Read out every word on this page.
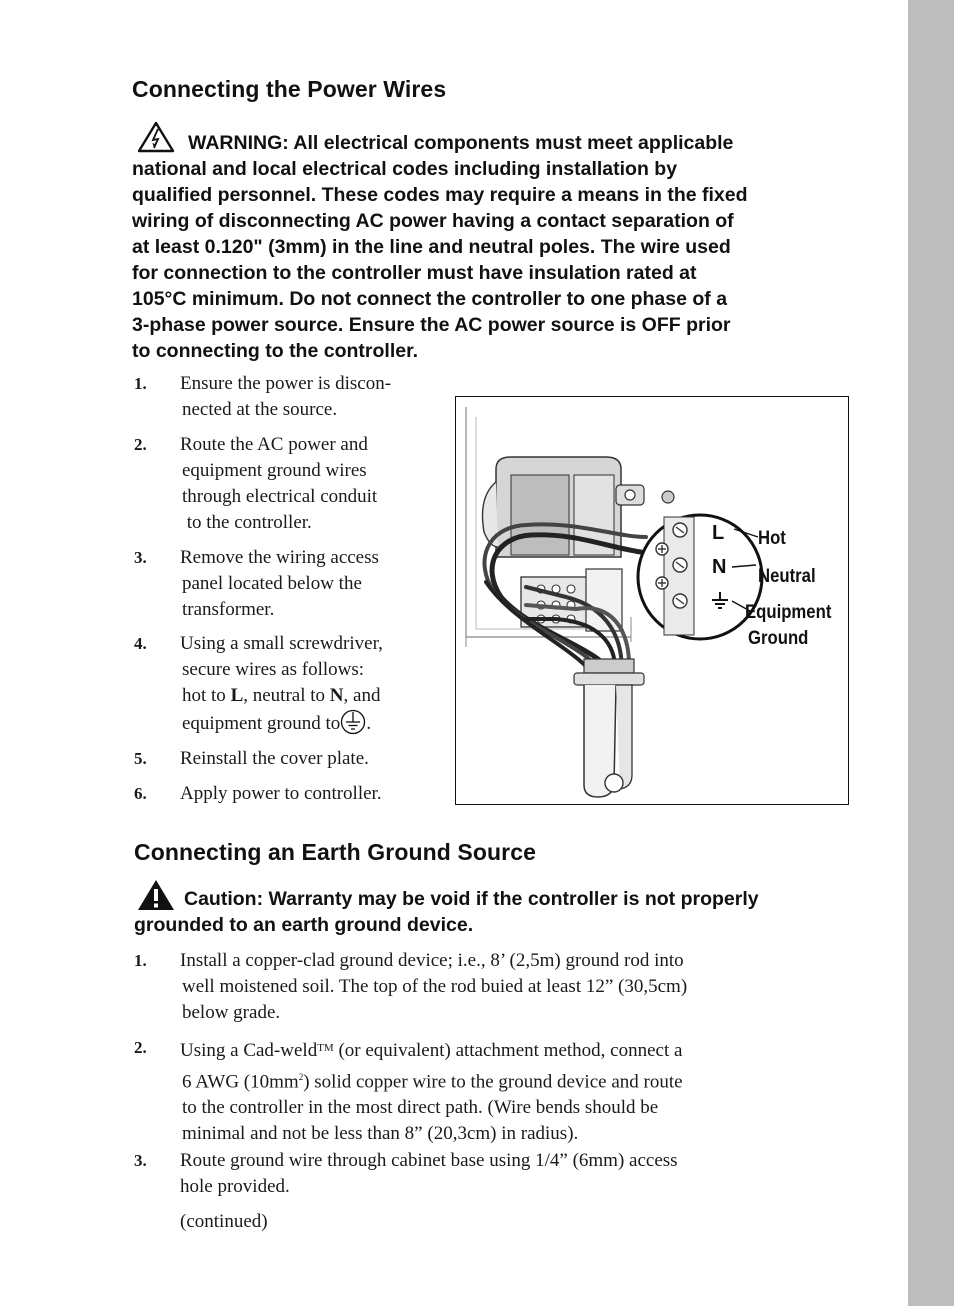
Connecting the Power Wires
WARNING: All electrical components must meet applicable
national and local electrical codes including installation by
qualified personnel. These codes may require a means in the fixed
wiring of disconnecting AC power having a contact separation of
at least 0.120" (3mm) in the line and neutral poles. The wire used
for connection to the controller must have insulation rated at
105°C minimum. Do not connect the controller to one phase of a
3-phase power source. Ensure the AC power source is OFF prior
to connecting to the controller.
1. Ensure the power is discon-
nected at the source.
2. Route the AC power and
equipment ground wires
through electrical conduit
to the controller.
3. Remove the wiring access
panel located below the
transformer.
4. Using a small screwdriver,
secure wires as follows:
hot to L, neutral to N, and
equipment ground to .
5. Reinstall the cover plate.
6. Apply power to controller.
L
N
Hot
Neutral
Equipment
Ground
Connecting an Earth Ground Source
Caution: Warranty may be void if the controller is not properly
grounded to an earth ground device.
1. Install a copper-clad ground device; i.e., 8’ (2,5m) ground rod into
well moistened soil. The top of the rod buied at least 12” (30,5cm)
below grade.
2. Using a Cad-weld™ (or equivalent) attachment method, connect a
6 AWG $(10mm^2)$ solid copper wire to the ground device and route
to the controller in the most direct path. (Wire bends should be
minimal and not be less than 8” (20,3cm) in radius).
3. Route ground wire through cabinet base using 1/4” (6mm) access
hole provided.
(continued)
